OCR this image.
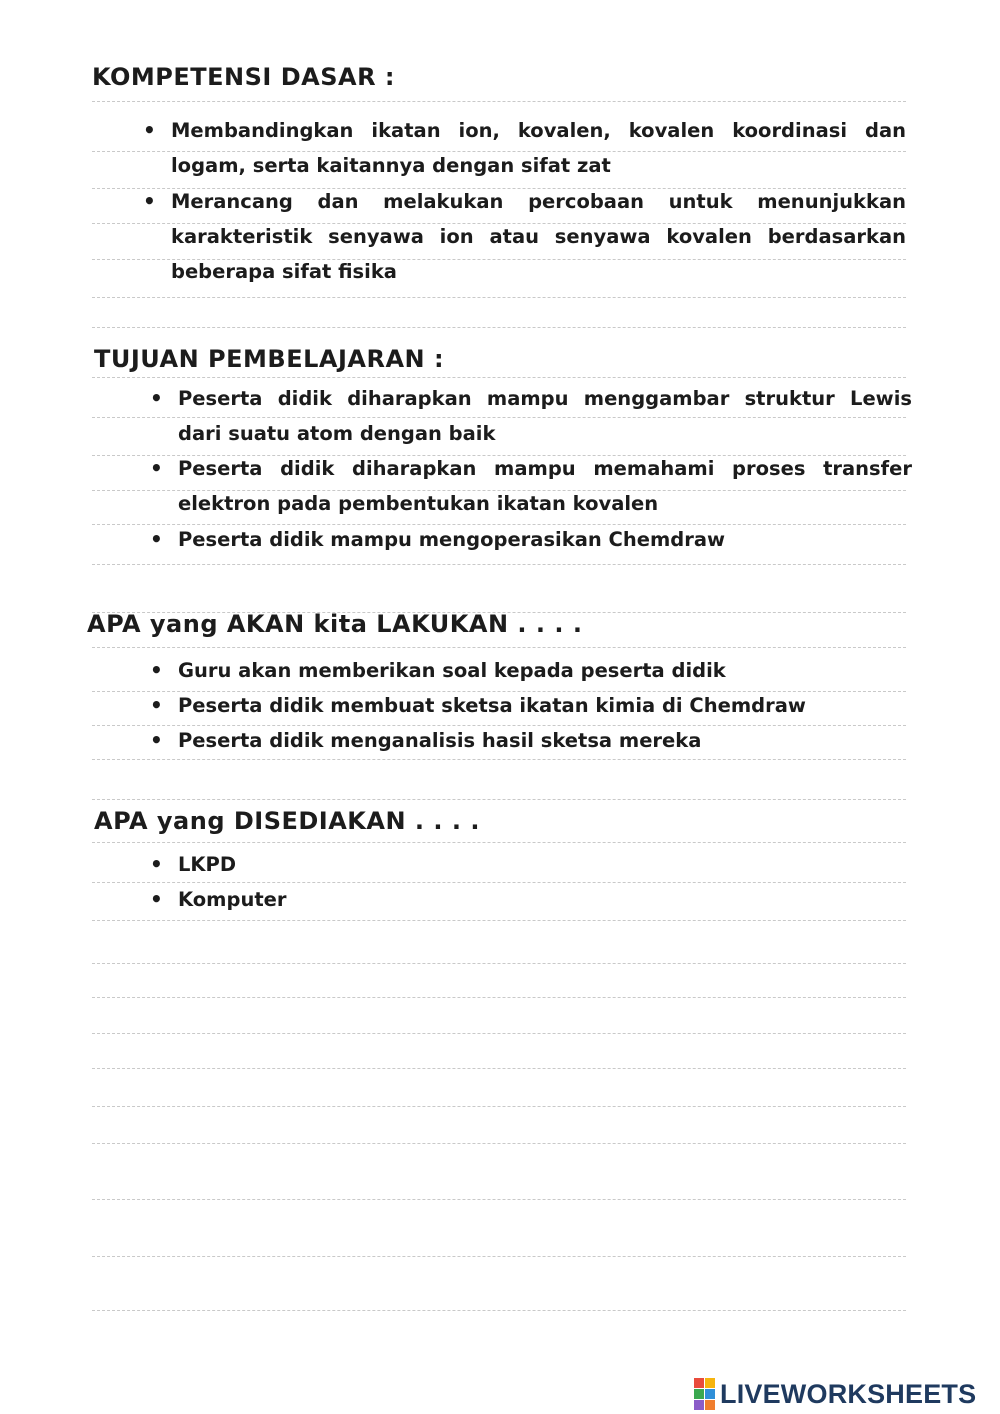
KOMPETENSI DASAR :
• Membandingkan ikatan ion, kovalen, kovalen koordinasi dan
logam, serta kaitannya dengan sifat zat
• Merancang dan melakukan percobaan untuk menunjukkan
karakteristik senyawa ion atau senyawa kovalen berdasarkan
beberapa sifat fisika
TUJUAN PEMBELAJARAN :
• Peserta didik diharapkan mampu menggambar struktur Lewis
dari suatu atom dengan baik
• Peserta didik diharapkan mampu memahami proses transfer
elektron pada pembentukan ikatan kovalen
• Peserta didik mampu mengoperasikan Chemdraw
APA yang AKAN kita LAKUKAN . . . .
• Guru akan memberikan soal kepada peserta didik
• Peserta didik membuat sketsa ikatan kimia di Chemdraw
• Peserta didik menganalisis hasil sketsa mereka
APA yang DISEDIAKAN . . . .
• LKPD
• Komputer
LIVEWORKSHEETS
